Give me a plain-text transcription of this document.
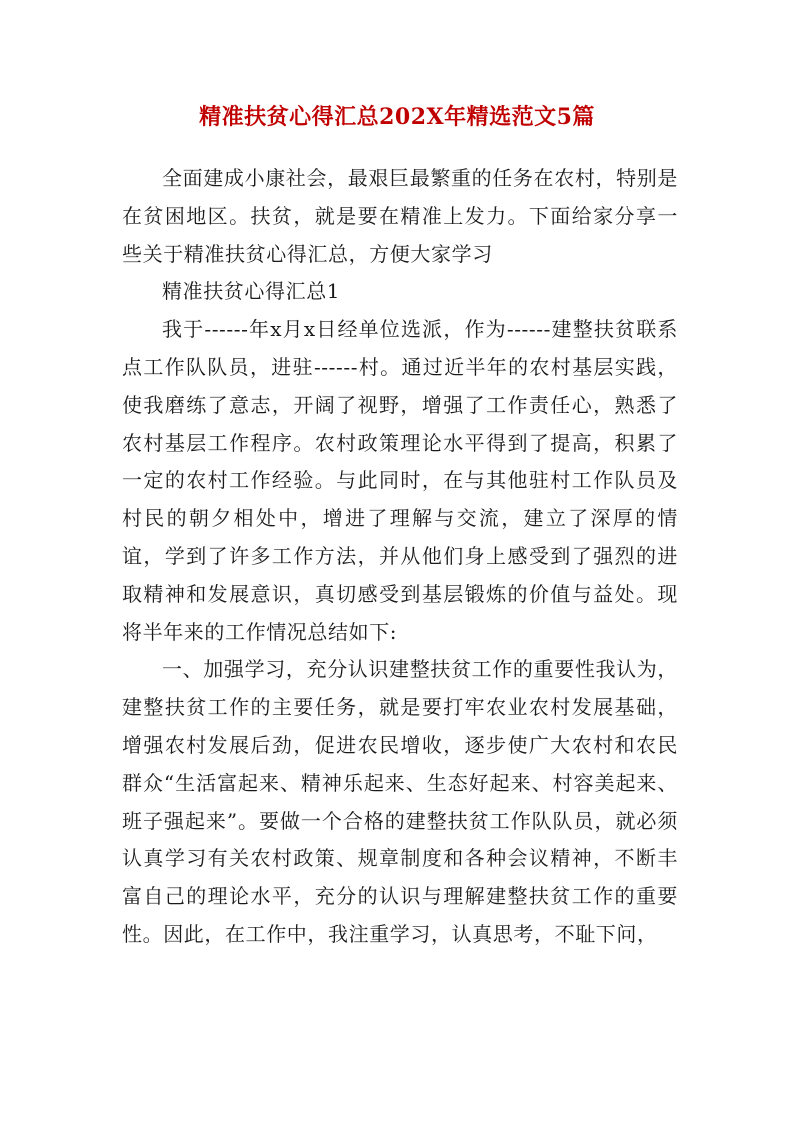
精准扶贫心得汇总202X年精选范文5篇

全面建成小康社会，最艰巨最繁重的任务在农村，特别是在贫困地区。扶贫，就是要在精准上发力。下面给家分享一些关于精准扶贫心得汇总，方便大家学习

精准扶贫心得汇总1

我于------年x月x日经单位选派，作为------建整扶贫联系点工作队队员，进驻------村。通过近半年的农村基层实践，使我磨练了意志，开阔了视野，增强了工作责任心，熟悉了农村基层工作程序。农村政策理论水平得到了提高，积累了一定的农村工作经验。与此同时，在与其他驻村工作队员及村民的朝夕相处中，增进了理解与交流，建立了深厚的情谊，学到了许多工作方法，并从他们身上感受到了强烈的进取精神和发展意识，真切感受到基层锻炼的价值与益处。现将半年来的工作情况总结如下:

一、加强学习，充分认识建整扶贫工作的重要性我认为，建整扶贫工作的主要任务，就是要打牢农业农村发展基础，增强农村发展后劲，促进农民增收，逐步使广大农村和农民群众“生活富起来、精神乐起来、生态好起来、村容美起来、班子强起来”。要做一个合格的建整扶贫工作队队员，就必须认真学习有关农村政策、规章制度和各种会议精神，不断丰富自己的理论水平，充分的认识与理解建整扶贫工作的重要性。因此，在工作中，我注重学习，认真思考，不耻下问，
